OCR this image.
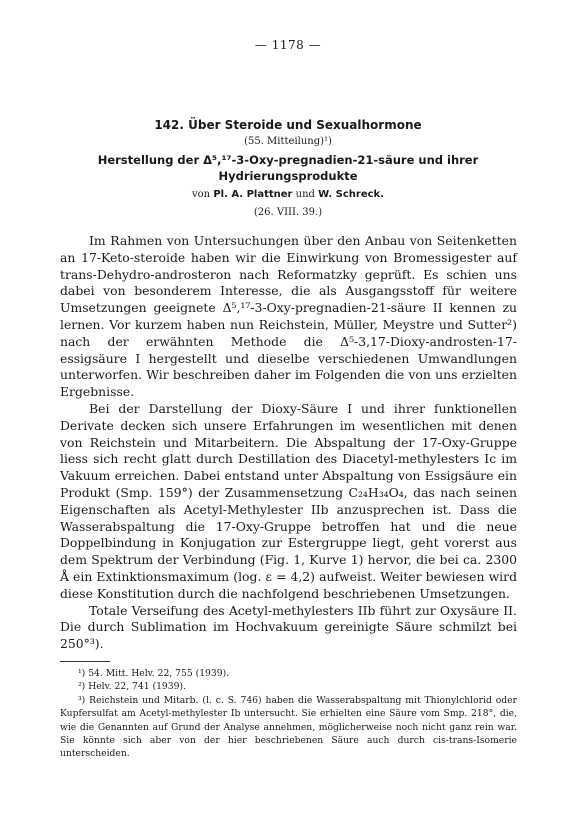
— 1178 —
142. Über Steroide und Sexualhormone
(55. Mitteilung)¹)
Herstellung der Δ⁵,¹⁷-3-Oxy-pregnadien-21-säure und ihrer
Hydrierungsprodukte
von Pl. A. Plattner und W. Schreck.
(26. VIII. 39.)

Im Rahmen von Untersuchungen über den Anbau von Seitenketten an 17-Keto-steroide haben wir die Einwirkung von Bromessigester auf trans-Dehydro-androsteron nach Reformatzky geprüft. Es schien uns dabei von besonderem Interesse, die als Ausgangsstoff für weitere Umsetzungen geeignete Δ⁵,¹⁷-3-Oxy-pregnadien-21-säure II kennen zu lernen. Vor kurzem haben nun Reichstein, Müller, Meystre und Sutter²) nach der erwähnten Methode die Δ⁵-3,17-Dioxy-androsten-17-essigsäure I hergestellt und dieselbe verschiedenen Umwandlungen unterworfen. Wir beschreiben daher im Folgenden die von uns erzielten Ergebnisse.

Bei der Darstellung der Dioxy-Säure I und ihrer funktionellen Derivate decken sich unsere Erfahrungen im wesentlichen mit denen von Reichstein und Mitarbeitern. Die Abspaltung der 17-Oxy-Gruppe liess sich recht glatt durch Destillation des Diacetyl-methylesters Ic im Vakuum erreichen. Dabei entstand unter Abspaltung von Essigsäure ein Produkt (Smp. 159°) der Zusammensetzung C₂₄H₃₄O₄, das nach seinen Eigenschaften als Acetyl-Methylester IIb anzusprechen ist. Dass die Wasserabspaltung die 17-Oxy-Gruppe betroffen hat und die neue Doppelbindung in Konjugation zur Estergruppe liegt, geht vorerst aus dem Spektrum der Verbindung (Fig. 1, Kurve 1) hervor, die bei ca. 2300 Å ein Extinktionsmaximum (log. ε = 4,2) aufweist. Weiter bewiesen wird diese Konstitution durch die nachfolgend beschriebenen Umsetzungen.

Totale Verseifung des Acetyl-methylesters IIb führt zur Oxysäure II. Die durch Sublimation im Hochvakuum gereinigte Säure schmilzt bei 250°³).

¹) 54. Mitt. Helv. 22, 755 (1939).

²) Helv. 22, 741 (1939).

³) Reichstein und Mitarb. (l. c. S. 746) haben die Wasserabspaltung mit Thionylchlorid oder Kupfersulfat am Acetyl-methylester Ib untersucht. Sie erhielten eine Säure vom Smp. 218°, die, wie die Genannten auf Grund der Analyse annehmen, möglicherweise noch nicht ganz rein war. Sie könnte sich aber von der hier beschriebenen Säure auch durch cis-trans-Isomerie unterscheiden.
